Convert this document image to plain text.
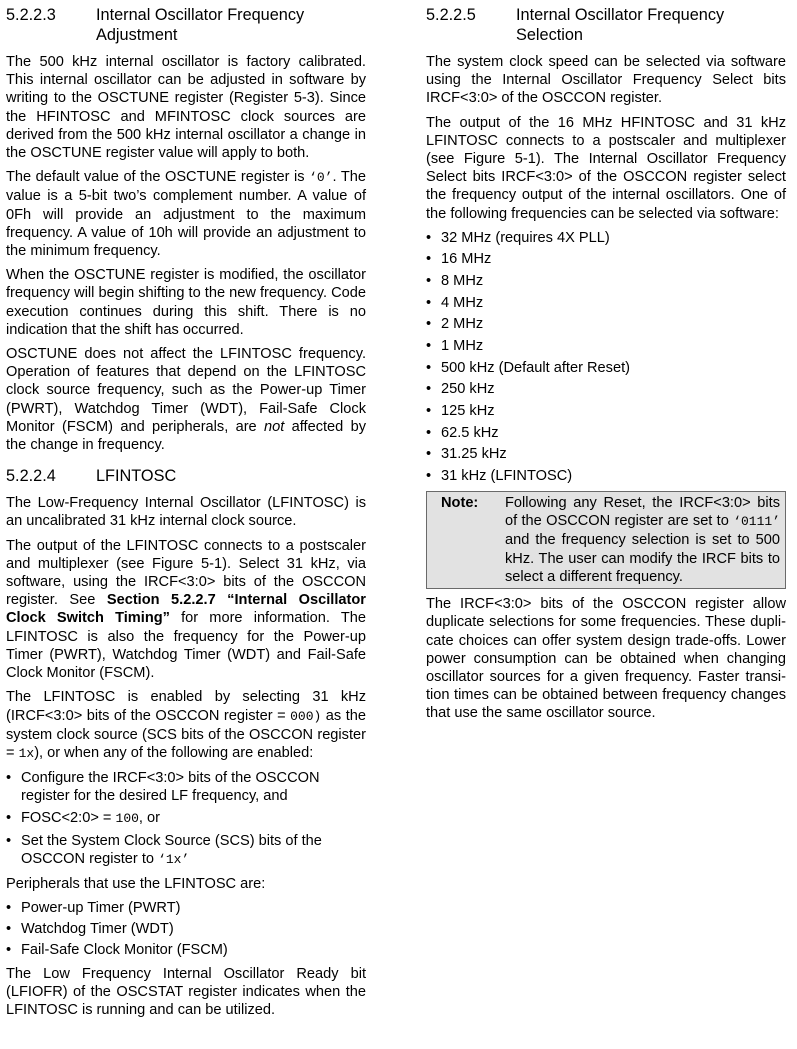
5.2.2.3	Internal Oscillator Frequency Adjustment

The 500 kHz internal oscillator is factory calibrated. This internal oscillator can be adjusted in software by writing to the OSCTUNE register (Register 5-3). Since the HFINTOSC and MFINTOSC clock sources are derived from the 500 kHz internal oscillator a change in the OSCTUNE register value will apply to both.

The default value of the OSCTUNE register is ‘0’. The value is a 5-bit two’s complement number. A value of 0Fh will provide an adjustment to the maximum frequency. A value of 10h will provide an adjustment to the minimum frequency.

When the OSCTUNE register is modified, the oscillator frequency will begin shifting to the new frequency. Code execution continues during this shift. There is no indication that the shift has occurred.

OSCTUNE does not affect the LFINTOSC frequency. Operation of features that depend on the LFINTOSC clock source frequency, such as the Power-up Timer (PWRT), Watchdog Timer (WDT), Fail-Safe Clock Monitor (FSCM) and peripherals, are not affected by the change in frequency.

5.2.2.4	LFINTOSC

The Low-Frequency Internal Oscillator (LFINTOSC) is an uncalibrated 31 kHz internal clock source.

The output of the LFINTOSC connects to a postscaler and multiplexer (see Figure 5-1). Select 31 kHz, via software, using the IRCF<3:0> bits of the OSCCON register. See Section 5.2.2.7 “Internal Oscillator Clock Switch Timing” for more information. The LFINTOSC is also the frequency for the Power-up Timer (PWRT), Watchdog Timer (WDT) and Fail-Safe Clock Monitor (FSCM).

The LFINTOSC is enabled by selecting 31 kHz (IRCF<3:0> bits of the OSCCON register = 000) as the system clock source (SCS bits of the OSCCON register = 1x), or when any of the following are enabled:

• Configure the IRCF<3:0> bits of the OSCCON register for the desired LF frequency, and
• FOSC<2:0> = 100, or
• Set the System Clock Source (SCS) bits of the OSCCON register to ‘1x’

Peripherals that use the LFINTOSC are:

• Power-up Timer (PWRT)
• Watchdog Timer (WDT)
• Fail-Safe Clock Monitor (FSCM)

The Low Frequency Internal Oscillator Ready bit (LFIOFR) of the OSCSTAT register indicates when the LFINTOSC is running and can be utilized.

5.2.2.5	Internal Oscillator Frequency Selection

The system clock speed can be selected via software using the Internal Oscillator Frequency Select bits IRCF<3:0> of the OSCCON register.

The output of the 16 MHz HFINTOSC and 31 kHz LFINTOSC connects to a postscaler and multiplexer (see Figure 5-1). The Internal Oscillator Frequency Select bits IRCF<3:0> of the OSCCON register select the frequency output of the internal oscillators. One of the following frequencies can be selected via software:

• 32 MHz (requires 4X PLL)
• 16 MHz
• 8 MHz
• 4 MHz
• 2 MHz
• 1 MHz
• 500 kHz (Default after Reset)
• 250 kHz
• 125 kHz
• 62.5 kHz
• 31.25 kHz
• 31 kHz (LFINTOSC)
Note:	Following any Reset, the IRCF<3:0> bits of the OSCCON register are set to ‘0111’ and the frequency selection is set to 500 kHz. The user can modify the IRCF bits to select a different frequency.

The IRCF<3:0> bits of the OSCCON register allow duplicate selections for some frequencies. These dupli-cate choices can offer system design trade-offs. Lower power consumption can be obtained when changing oscillator sources for a given frequency. Faster transi-tion times can be obtained between frequency changes that use the same oscillator source.
